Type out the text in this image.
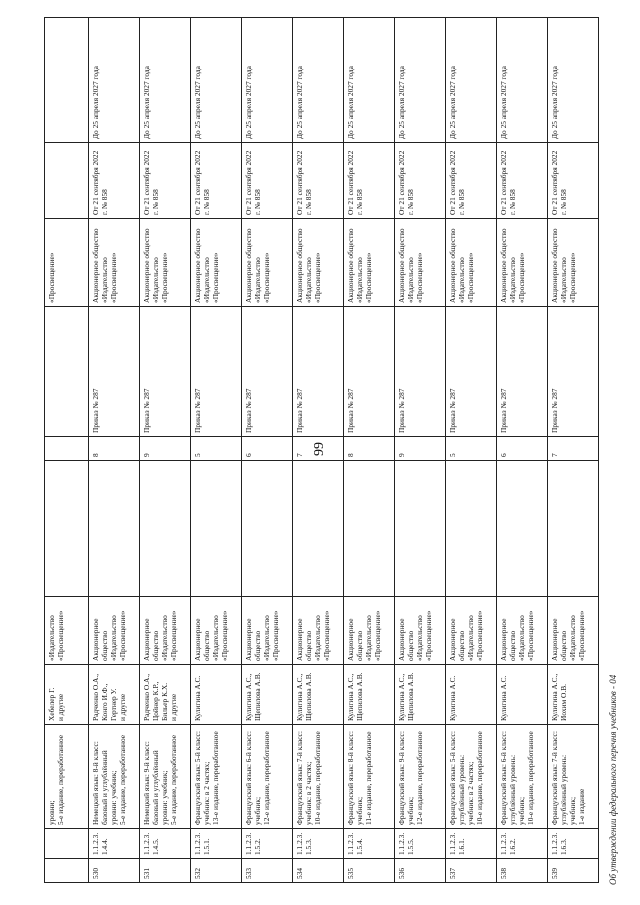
99
		уровни;
5-е издание, переработанное	Хебелер Г.
и другие	«Издательство
«Просвещение»				«Просвещение»		
530	1.1.2.3.
1.4.4.	Немецкий язык: 8-й класс: базовый и углублённый уровни: учебник;
5-е издание, переработанное	Радченко О.А.,
Конго И.Ф.,
Гертнер У.
и другие	Акционерное общество
«Издательство
«Просвещение»		8	Приказ № 287	Акционерное общество «Издательство «Просвещение»	От 21 сентября 2022 г. № 858	До 25 апреля 2027 года
531	1.1.2.3.
1.4.5.	Немецкий язык: 9-й класс: базовый и углублённый уровни: учебник;
5-е издание, переработанное	Радченко О.А.,
Цойнер К.Р.,
Бильер К.Х.
и другие	Акционерное общество
«Издательство
«Просвещение»		9	Приказ № 287	Акционерное общество «Издательство «Просвещение»	От 21 сентября 2022 г. № 858	До 25 апреля 2027 года
532	1.1.2.3.
1.5.1.	Французский язык: 5-й класс: учебник: в 2 частях;
13-е издание, переработанное	Кулигина А.С.	Акционерное общество
«Издательство
«Просвещение»		5	Приказ № 287	Акционерное общество «Издательство «Просвещение»	От 21 сентября 2022 г. № 858	До 25 апреля 2027 года
533	1.1.2.3.
1.5.2.	Французский язык: 6-й класс: учебник;
12-е издание, переработанное	Кулигина А.С.,
Щепилова А.В.	Акционерное общество
«Издательство
«Просвещение»		6	Приказ № 287	Акционерное общество «Издательство «Просвещение»	От 21 сентября 2022 г. № 858	До 25 апреля 2027 года
534	1.1.2.3.
1.5.3.	Французский язык: 7-й класс: учебник: в 2 частях;
10-е издание, переработанное	Кулигина А.С.,
Щепилова А.В.	Акционерное общество
«Издательство
«Просвещение»		7	Приказ № 287	Акционерное общество «Издательство «Просвещение»	От 21 сентября 2022 г. № 858	До 25 апреля 2027 года
535	1.1.2.3.
1.5.4.	Французский язык: 8-й класс: учебник;
11-е издание, переработанное	Кулигина А.С.,
Щепилова А.В.	Акционерное общество
«Издательство
«Просвещение»		8	Приказ № 287	Акционерное общество «Издательство «Просвещение»	От 21 сентября 2022 г. № 858	До 25 апреля 2027 года
536	1.1.2.3.
1.5.5.	Французский язык: 9-й класс: учебник;
12-е издание, переработанное	Кулигина А.С.,
Щепилова А.В.	Акционерное общество
«Издательство
«Просвещение»		9	Приказ № 287	Акционерное общество «Издательство «Просвещение»	От 21 сентября 2022 г. № 858	До 25 апреля 2027 года
537	1.1.2.3.
1.6.1.	Французский язык: 5-й класс: углублённый уровень: учебник: в 2 частях;
10-е издание, переработанное	Кулигина А.С.	Акционерное общество
«Издательство
«Просвещение»		5	Приказ № 287	Акционерное общество «Издательство «Просвещение»	От 21 сентября 2022 г. № 858	До 25 апреля 2027 года
538	1.1.2.3.
1.6.2.	Французский язык: 6-й класс: углублённый уровень: учебник;
10-е издание, переработанное	Кулигина А.С.	Акционерное общество
«Издательство
«Просвещение»		6	Приказ № 287	Акционерное общество «Издательство «Просвещение»	От 21 сентября 2022 г. № 858	До 25 апреля 2027 года
539	1.1.2.3.
1.6.3.	Французский язык: 7-й класс: углублённый уровень: учебник;
1-е издание	Кулигина А.С.,
Иохим О.В.	Акционерное общество
«Издательство
«Просвещение»		7	Приказ № 287	Акционерное общество «Издательство «Просвещение»	От 21 сентября 2022 г. № 858	До 25 апреля 2027 года
Об утверждении федерального перечня учебников - 04
